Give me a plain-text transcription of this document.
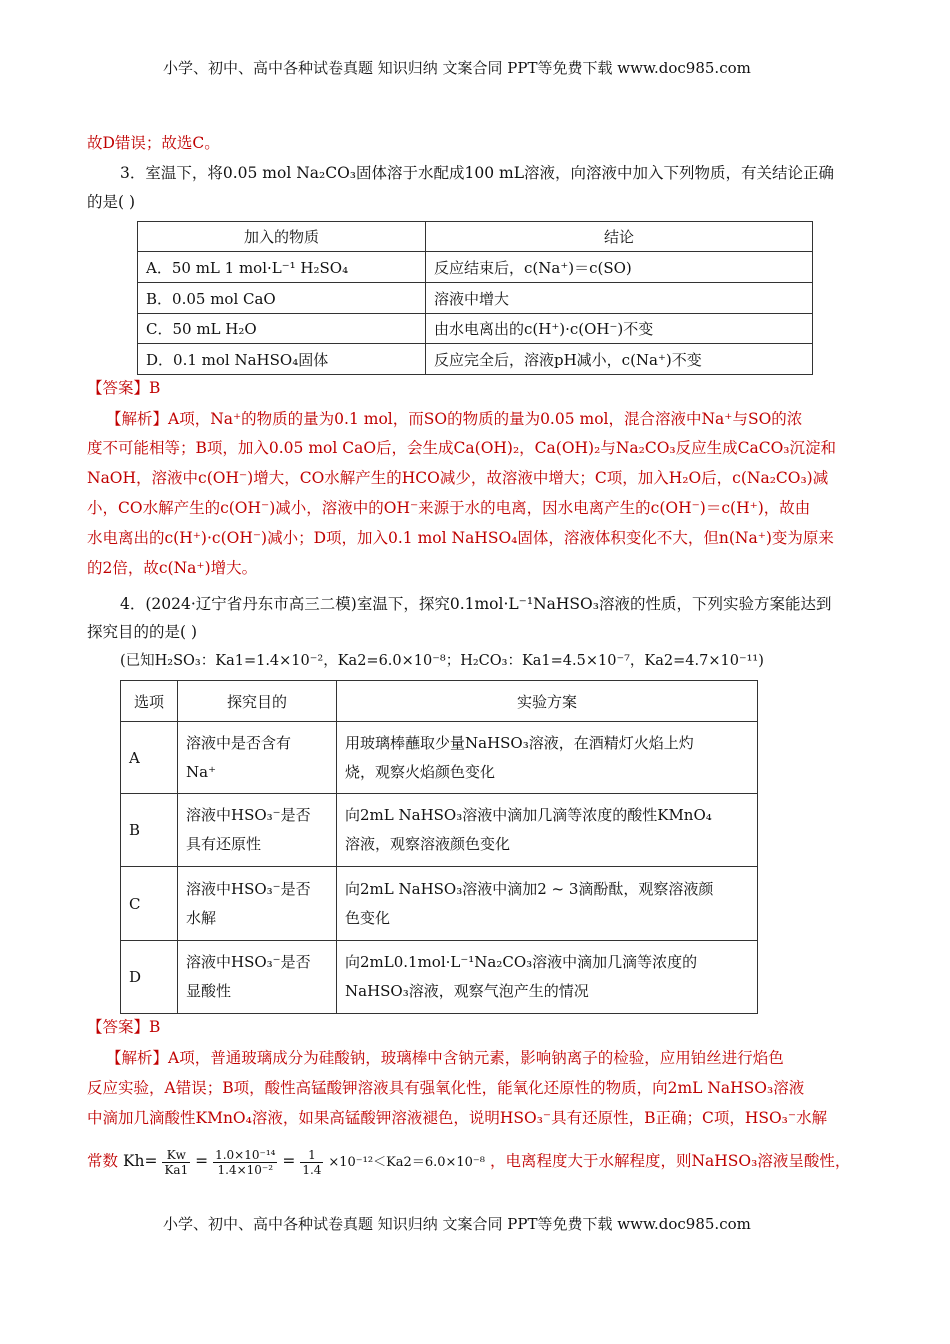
小学、初中、高中各种试卷真题 知识归纳 文案合同 PPT等免费下载 www.doc985.com
故D错误；故选C。
3．室温下，将0.05 mol Na₂CO₃固体溶于水配成100 mL溶液，向溶液中加入下列物质，有关结论正确
的是( )
加入的物质	结论
A．50 mL 1 mol·L⁻¹ H₂SO₄	反应结束后，c(Na⁺)＝c(SO)
B．0.05 mol CaO	溶液中增大
C．50 mL H₂O	由水电离出的c(H⁺)·c(OH⁻)不变
D．0.1 mol NaHSO₄固体	反应完全后，溶液pH减小，c(Na⁺)不变
【答案】B
【解析】A项，Na⁺的物质的量为0.1 mol，而SO的物质的量为0.05 mol，混合溶液中Na⁺与SO的浓
度不可能相等；B项，加入0.05 mol CaO后，会生成Ca(OH)₂，Ca(OH)₂与Na₂CO₃反应生成CaCO₃沉淀和
NaOH，溶液中c(OH⁻)增大，CO水解产生的HCO减少，故溶液中增大；C项，加入H₂O后，c(Na₂CO₃)减
小，CO水解产生的c(OH⁻)减小，溶液中的OH⁻来源于水的电离，因水电离产生的c(OH⁻)＝c(H⁺)，故由
水电离出的c(H⁺)·c(OH⁻)减小；D项，加入0.1 mol NaHSO₄固体，溶液体积变化不大，但n(Na⁺)变为原来
的2倍，故c(Na⁺)增大。
4．(2024·辽宁省丹东市高三二模)室温下，探究0.1mol·L⁻¹NaHSO₃溶液的性质，下列实验方案能达到
探究目的的是( )
(已知H₂SO₃：Ka1=1.4×10⁻²，Ka2=6.0×10⁻⁸；H₂CO₃：Ka1=4.5×10⁻⁷，Ka2=4.7×10⁻¹¹)
选项	探究目的	实验方案
A	溶液中是否含有
Na⁺	用玻璃棒蘸取少量NaHSO₃溶液，在酒精灯火焰上灼
烧，观察火焰颜色变化
B	溶液中HSO₃⁻是否
具有还原性	向2mL NaHSO₃溶液中滴加几滴等浓度的酸性KMnO₄
溶液，观察溶液颜色变化
C	溶液中HSO₃⁻是否
水解	向2mL NaHSO₃溶液中滴加2 ~ 3滴酚酞，观察溶液颜
色变化
D	溶液中HSO₃⁻是否
显酸性	向2mL0.1mol·L⁻¹Na₂CO₃溶液中滴加几滴等浓度的
NaHSO₃溶液，观察气泡产生的情况
【答案】B
【解析】A项，普通玻璃成分为硅酸钠，玻璃棒中含钠元素，影响钠离子的检验，应用铂丝进行焰色
反应实验，A错误；B项，酸性高锰酸钾溶液具有强氧化性，能氧化还原性的物质，向2mL NaHSO₃溶液
中滴加几滴酸性KMnO₄溶液，如果高锰酸钾溶液褪色，说明HSO₃⁻具有还原性，B正确；C项，HSO₃⁻水解
常数 $Kh= \frac{Kw}{Ka1} = \frac{\text{1.0×10⁻¹⁴}}{\text{1.4×10⁻²}} = \frac{1}{1.4} \times 10^{-12}<Ka2=6.0\times 10^{-8}$ ，电离程度大于水解程度，则NaHSO₃溶液呈酸性，
小学、初中、高中各种试卷真题 知识归纳 文案合同 PPT等免费下载 www.doc985.com
